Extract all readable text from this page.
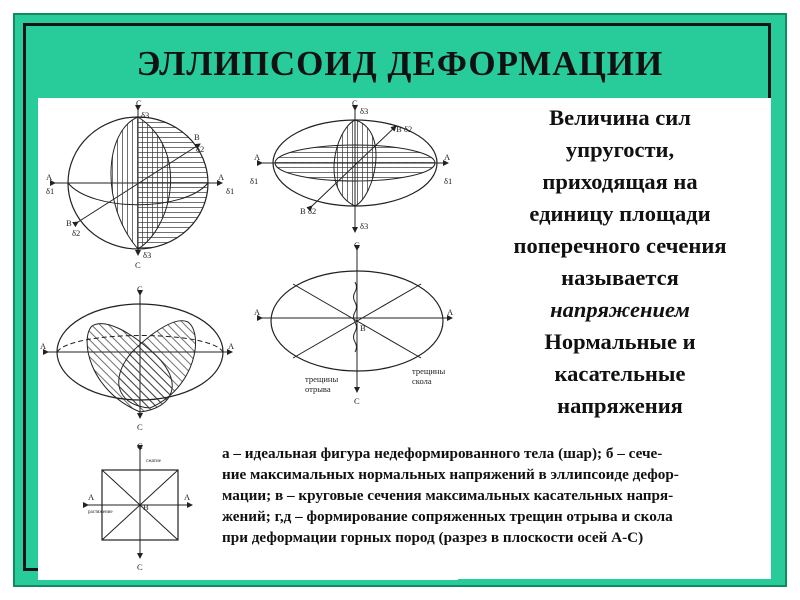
ЭЛЛИПСОИД ДЕФОРМАЦИИ
C
δ3
B
δ2
A
δ1
A
δ1
B
δ2
C
δ3
C
δ3
B δ2
A
δ1
A
δ1
B δ2
δ3
C
A	A
C
C
A	A
B
трещины
отрыва
трещины
скола
C
C
A	A
B
растяжение
сжатие
C
Величина сил
упругости,
приходящая на
единицу площади
поперечного сечения
называется
напряжением
Нормальные и
касательные
напряжения
а – идеальная фигура недеформированного тела (шар); б – сече-
ние максимальных нормальных напряжений в эллипсоиде дефор-
мации; в – круговые сечения максимальных касательных напря-
жений; г,д – формирование сопряженных трещин отрыва и скола
при деформации горных пород (разрез в плоскости осей А-С)
